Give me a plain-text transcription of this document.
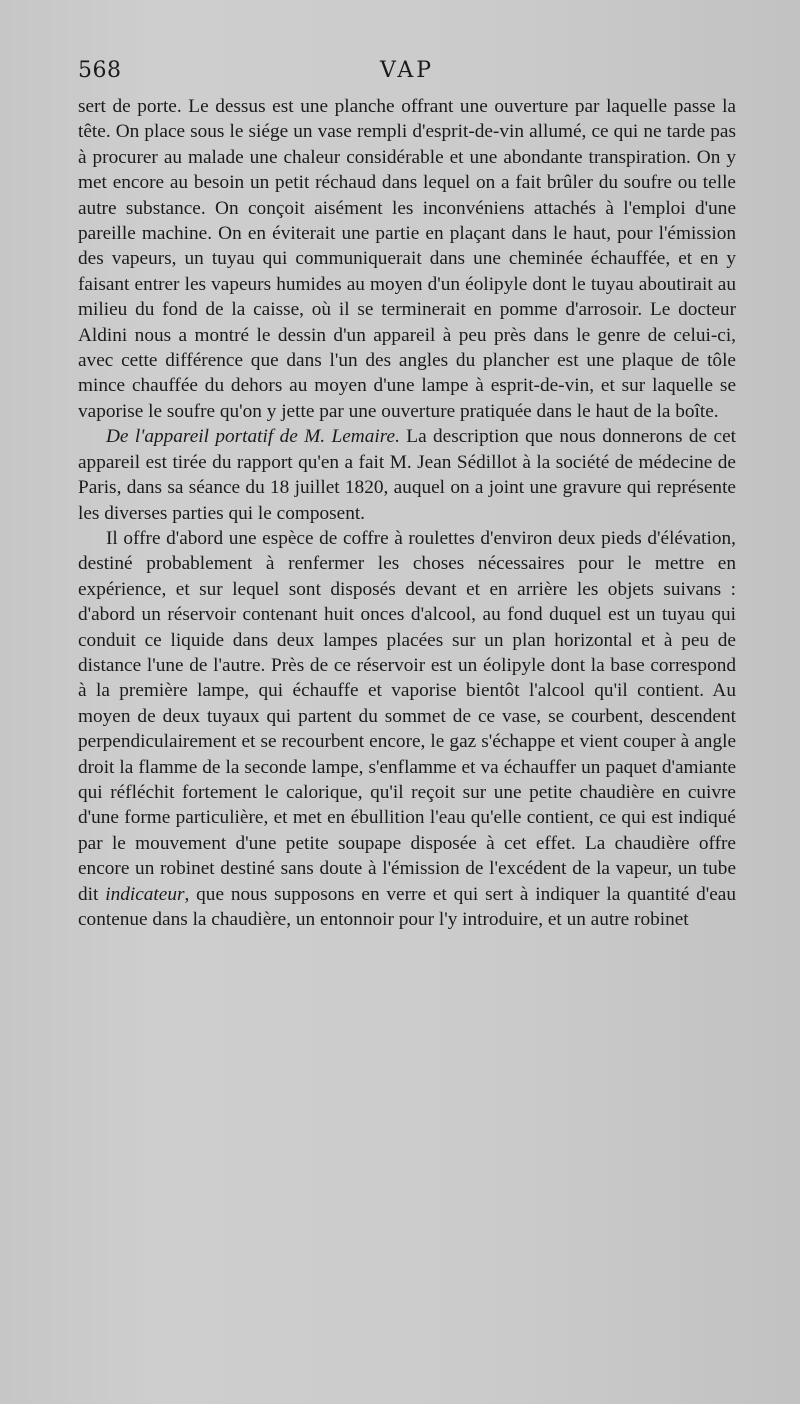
568	VAP

sert de porte. Le dessus est une planche offrant une ouverture par laquelle passe la tête. On place sous le siége un vase rempli d'esprit-de-vin allumé, ce qui ne tarde pas à procurer au malade une chaleur considérable et une abondante transpiration. On y met encore au besoin un petit réchaud dans lequel on a fait brûler du soufre ou telle autre substance. On conçoit aisément les inconvéniens attachés à l'emploi d'une pareille machine. On en éviterait une partie en plaçant dans le haut, pour l'émission des vapeurs, un tuyau qui communiquerait dans une cheminée échauffée, et en y faisant entrer les vapeurs humides au moyen d'un éolipyle dont le tuyau aboutirait au milieu du fond de la caisse, où il se terminerait en pomme d'arrosoir. Le docteur Aldini nous a montré le dessin d'un appareil à peu près dans le genre de celui-ci, avec cette différence que dans l'un des angles du plancher est une plaque de tôle mince chauffée du dehors au moyen d'une lampe à esprit-de-vin, et sur laquelle se vaporise le soufre qu'on y jette par une ouverture pratiquée dans le haut de la boîte.

De l'appareil portatif de M. Lemaire. La description que nous donnerons de cet appareil est tirée du rapport qu'en a fait M. Jean Sédillot à la société de médecine de Paris, dans sa séance du 18 juillet 1820, auquel on a joint une gravure qui représente les diverses parties qui le composent.

Il offre d'abord une espèce de coffre à roulettes d'environ deux pieds d'élévation, destiné probablement à renfermer les choses nécessaires pour le mettre en expérience, et sur lequel sont disposés devant et en arrière les objets suivans : d'abord un réservoir contenant huit onces d'alcool, au fond duquel est un tuyau qui conduit ce liquide dans deux lampes placées sur un plan horizontal et à peu de distance l'une de l'autre. Près de ce réservoir est un éolipyle dont la base correspond à la première lampe, qui échauffe et vaporise bientôt l'alcool qu'il contient. Au moyen de deux tuyaux qui partent du sommet de ce vase, se courbent, descendent perpendiculairement et se recourbent encore, le gaz s'échappe et vient couper à angle droit la flamme de la seconde lampe, s'enflamme et va échauffer un paquet d'amiante qui réfléchit fortement le calorique, qu'il reçoit sur une petite chaudière en cuivre d'une forme particulière, et met en ébullition l'eau qu'elle contient, ce qui est indiqué par le mouvement d'une petite soupape disposée à cet effet. La chaudière offre encore un robinet destiné sans doute à l'émission de l'excédent de la vapeur, un tube dit indicateur, que nous supposons en verre et qui sert à indiquer la quantité d'eau contenue dans la chaudière, un entonnoir pour l'y introduire, et un autre robinet
